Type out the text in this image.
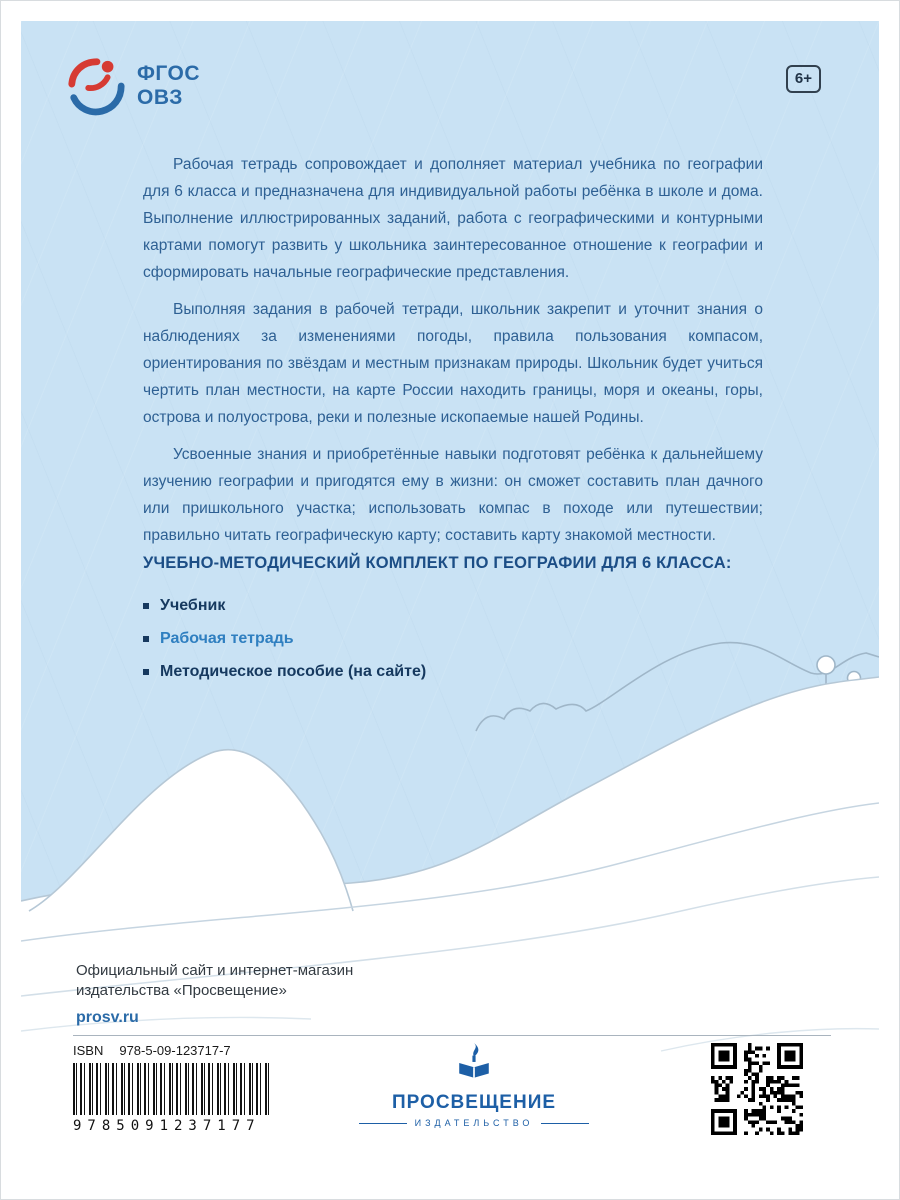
ФГОС
ОВЗ
6+

Рабочая тетрадь сопровождает и дополняет материал учебника по географии для 6 класса и предназначена для индивидуальной работы ребёнка в школе и дома. Выполнение иллюстрированных заданий, работа с географическими и контурными картами помогут развить у школьника заинтересованное отношение к географии и сформировать начальные географические представления.

Выполняя задания в рабочей тетради, школьник закрепит и уточнит знания о наблюдениях за изменениями погоды, правила пользования компасом, ориентирования по звёздам и местным признакам природы. Школьник будет учиться чертить план местности, на карте России находить границы, моря и океаны, горы, острова и полуострова, реки и полезные ископаемые нашей Родины.

Усвоенные знания и приобретённые навыки подготовят ребёнка к дальнейшему изучению географии и пригодятся ему в жизни: он сможет составить план дачного или пришкольного участка; использовать компас в походе или путешествии; правильно читать географическую карту; составить карту знакомой местности.

УЧЕБНО-МЕТОДИЧЕСКИЙ КОМПЛЕКТ ПО ГЕОГРАФИИ ДЛЯ 6 КЛАССА:
Учебник
Рабочая тетрадь
Методическое пособие (на сайте)
Официальный сайт и интернет-магазин
издательства «Просвещение»
prosv.ru
ISBN 978-5-09-123717-7
9785091237177
ПРОСВЕЩЕНИЕ
ИЗДАТЕЛЬСТВО
